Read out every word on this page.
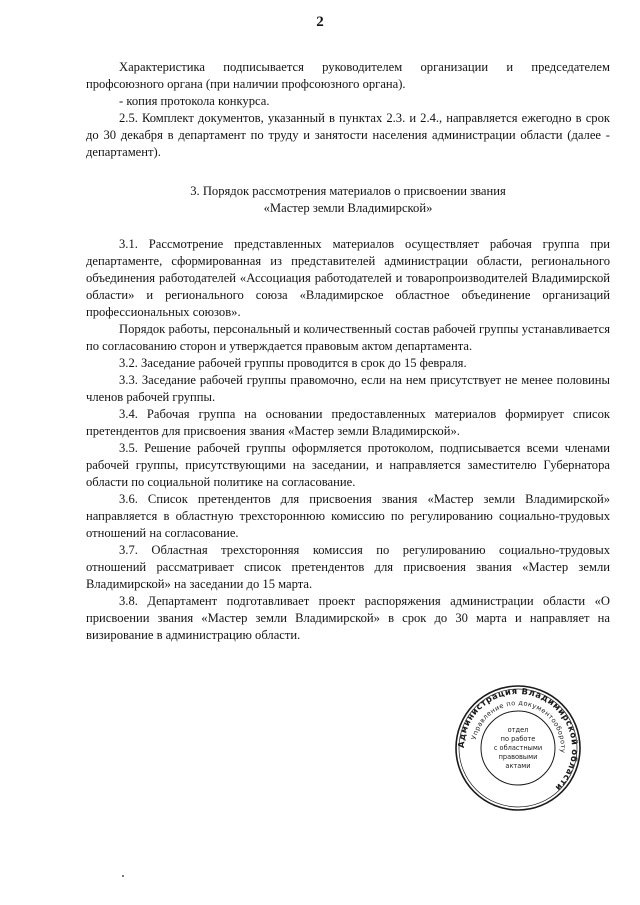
2

Характеристика подписывается руководителем организации и председателем профсоюзного органа (при наличии профсоюзного органа).

- копия протокола конкурса.

2.5. Комплект документов, указанный в пунктах 2.3. и 2.4., направляется ежегодно в срок до 30 декабря в департамент по труду и занятости населения администрации области (далее - департамент).

3. Порядок рассмотрения материалов о присвоении звания

«Мастер земли Владимирской»

3.1. Рассмотрение представленных материалов осуществляет рабочая группа при департаменте, сформированная из представителей администрации области, регионального объединения работодателей «Ассоциация работодателей и товаропроизводителей Владимирской области» и регионального союза «Владимирское областное объединение организаций профессиональных союзов».

Порядок работы, персональный и количественный состав рабочей группы устанавливается по согласованию сторон и утверждается правовым актом департамента.

3.2. Заседание рабочей группы проводится в срок до 15 февраля.

3.3. Заседание рабочей группы правомочно, если на нем присутствует не менее половины членов рабочей группы.

3.4. Рабочая группа на основании предоставленных материалов формирует список претендентов для присвоения звания «Мастер земли Владимирской».

3.5. Решение рабочей группы оформляется протоколом, подписывается всеми членами рабочей группы, присутствующими на заседании, и направляется заместителю Губернатора области по социальной политике на согласование.

3.6. Список претендентов для присвоения звания «Мастер земли Владимирской» направляется в областную трехстороннюю комиссию по регулированию социально-трудовых отношений на согласование.

3.7. Областная трехсторонняя комиссия по регулированию социально-трудовых отношений рассматривает список претендентов для присвоения звания «Мастер земли Владимирской» на заседании до 15 марта.

3.8. Департамент подготавливает проект распоряжения администрации области «О присвоении звания «Мастер земли Владимирской» в срок до 30 марта и направляет на визирование в администрацию области.

Администрация Владимирской области
Управление по документообороту
отдел
по работе
с областными
правовыми
актами
